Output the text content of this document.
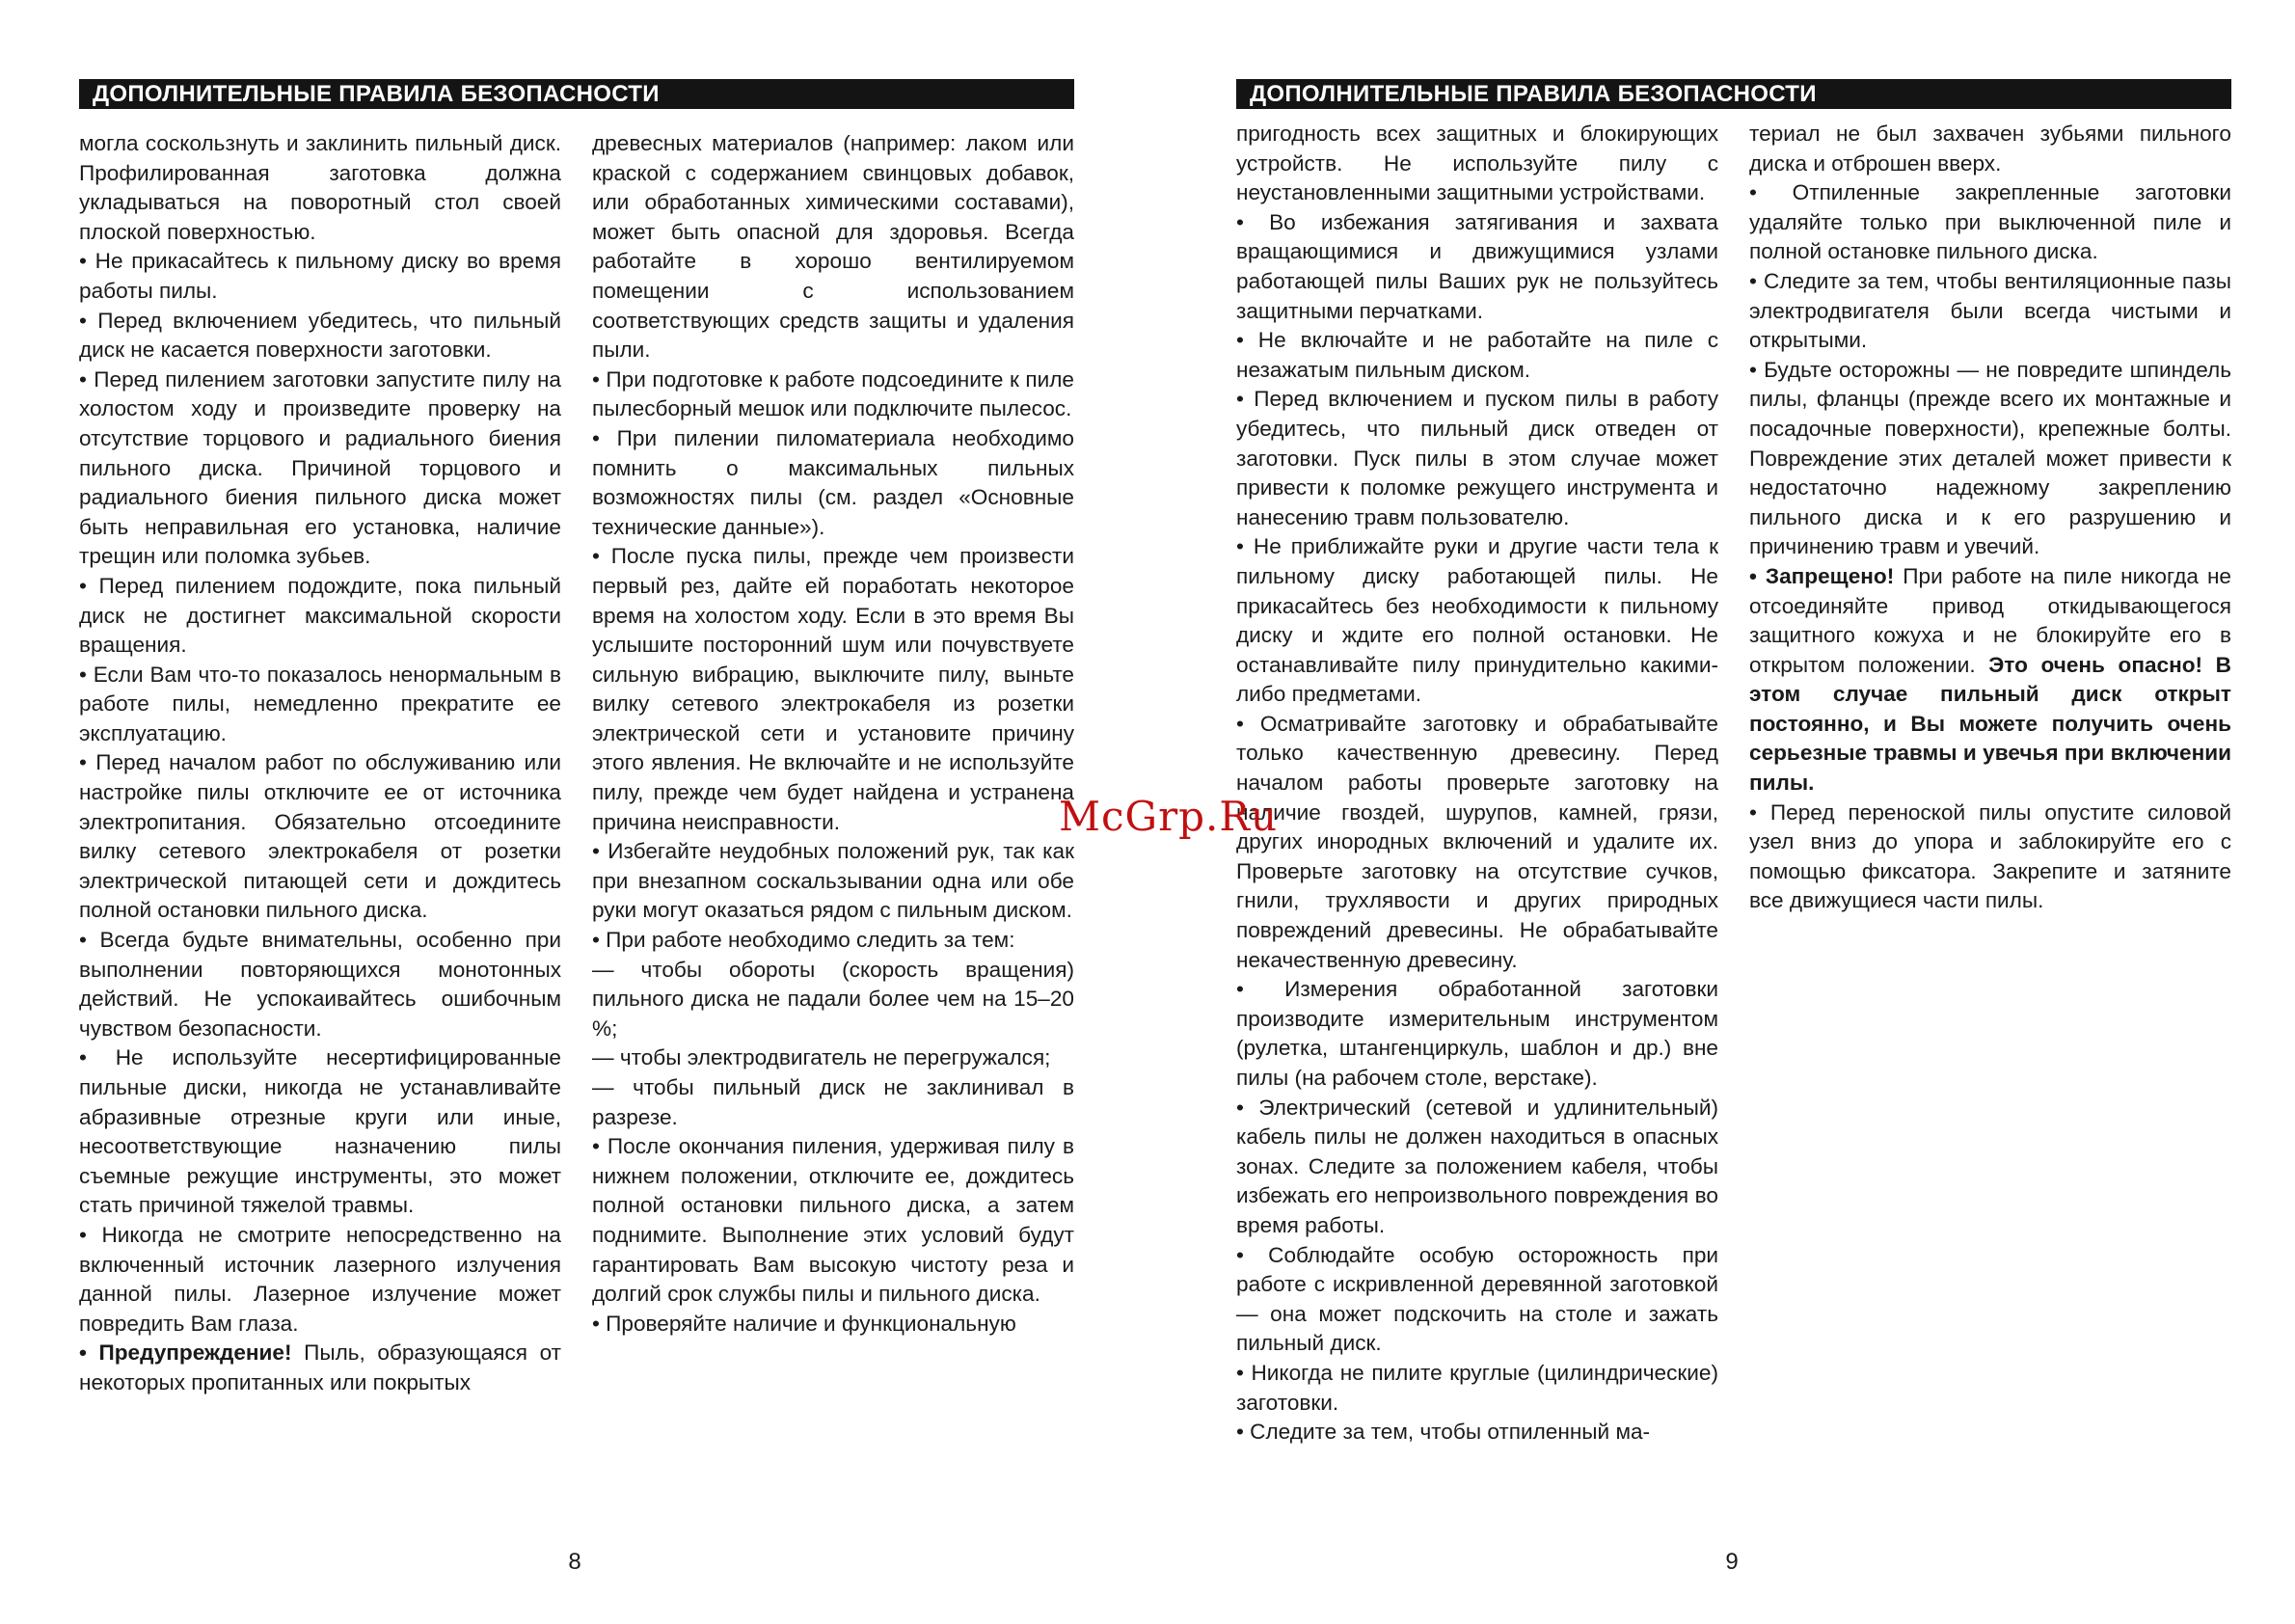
ДОПОЛНИТЕЛЬНЫЕ ПРАВИЛА БЕЗОПАСНОСТИ

могла соскользнуть и заклинить пильный диск. Профилированная заготовка должна укладываться на поворотный стол своей плоской поверхностью.

• Не прикасайтесь к пильному диску во время работы пилы.

• Перед включением убедитесь, что пильный диск не касается поверхности заготовки.

• Перед пилением заготовки запустите пилу на холостом ходу и произведите проверку на отсутствие торцового и радиального биения пильного диска. Причиной торцового и радиального биения пильного диска может быть неправильная его установка, наличие трещин или поломка зубьев.

• Перед пилением подождите, пока пильный диск не достигнет максимальной скорости вращения.

• Если Вам что-то показалось ненормальным в работе пилы, немедленно прекратите ее эксплуатацию.

• Перед началом работ по обслуживанию или настройке пилы отключите ее от источника электропитания. Обязательно отсоедините вилку сетевого электрокабеля от розетки электрической питающей сети и дождитесь полной остановки пильного диска.

• Всегда будьте внимательны, особенно при выполнении повторяющихся монотонных действий. Не успокаивайтесь ошибочным чувством безопасности.

• Не используйте несертифицированные пильные диски, никогда не устанавливайте абразивные отрезные круги или иные, несоответствующие назначению пилы съемные режущие инструменты, это может стать причиной тяжелой травмы.

• Никогда не смотрите непосредственно на включенный источник лазерного излучения данной пилы. Лазерное излучение может повредить Вам глаза.

• Предупреждение! Пыль, образующаяся от некоторых пропитанных или покрытых

древесных материалов (например: лаком или краской с содержанием свинцовых добавок, или обработанных химическими составами), может быть опасной для здоровья. Всегда работайте в хорошо вентилируемом помещении с использованием соответствующих средств защиты и удаления пыли.

• При подготовке к работе подсоедините к пиле пылесборный мешок или подключите пылесос.

• При пилении пиломатериала необходимо помнить о максимальных пильных возможностях пилы (см. раздел «Основные технические данные»).

• После пуска пилы, прежде чем произвести первый рез, дайте ей поработать некоторое время на холостом ходу. Если в это время Вы услышите посторонний шум или почувствуете сильную вибрацию, выключите пилу, выньте вилку сетевого электрокабеля из розетки электрической сети и установите причину этого явления. Не включайте и не используйте пилу, прежде чем будет найдена и устранена причина неисправности.

• Избегайте неудобных положений рук, так как при внезапном соскальзывании одна или обе руки могут оказаться рядом с пильным диском.

• При работе необходимо следить за тем:

— чтобы обороты (скорость вращения) пильного диска не падали более чем на 15–20 %;

— чтобы электродвигатель не перегружался;

— чтобы пильный диск не заклинивал в разрезе.

• После окончания пиления, удерживая пилу в нижнем положении, отключите ее, дождитесь полной остановки пильного диска, а затем поднимите. Выполнение этих условий будут гарантировать Вам высокую чистоту реза и долгий срок службы пилы и пильного диска.

• Проверяйте наличие и функциональную

8
ДОПОЛНИТЕЛЬНЫЕ ПРАВИЛА БЕЗОПАСНОСТИ

пригодность всех защитных и блокирующих устройств. Не используйте пилу с неустановленными защитными устройствами.

• Во избежания затягивания и захвата вращающимися и движущимися узлами работающей пилы Ваших рук не пользуйтесь защитными перчатками.

• Не включайте и не работайте на пиле с незажатым пильным диском.

• Перед включением и пуском пилы в работу убедитесь, что пильный диск отведен от заготовки. Пуск пилы в этом случае может привести к поломке режущего инструмента и нанесению травм пользователю.

• Не приближайте руки и другие части тела к пильному диску работающей пилы. Не прикасайтесь без необходимости к пильному диску и ждите его полной остановки. Не останавливайте пилу принудительно какими-либо предметами.

• Осматривайте заготовку и обрабатывайте только качественную древесину. Перед началом работы проверьте заготовку на наличие гвоздей, шурупов, камней, грязи, других инородных включений и удалите их. Проверьте заготовку на отсутствие сучков, гнили, трухлявости и других природных повреждений древесины. Не обрабатывайте некачественную древесину.

• Измерения обработанной заготовки производите измерительным инструментом (рулетка, штангенциркуль, шаблон и др.) вне пилы (на рабочем столе, верстаке).

• Электрический (сетевой и удлинительный) кабель пилы не должен находиться в опасных зонах. Следите за положением кабеля, чтобы избежать его непроизвольного повреждения во время работы.

• Соблюдайте особую осторожность при работе с искривленной деревянной заготовкой — она может подскочить на столе и зажать пильный диск.

• Никогда не пилите круглые (цилиндрические) заготовки.

• Следите за тем, чтобы отпиленный ма-

териал не был захвачен зубьями пильного диска и отброшен вверх.

• Отпиленные закрепленные заготовки удаляйте только при выключенной пиле и полной остановке пильного диска.

• Следите за тем, чтобы вентиляционные пазы электродвигателя были всегда чистыми и открытыми.

• Будьте осторожны — не повредите шпиндель пилы, фланцы (прежде всего их монтажные и посадочные поверхности), крепежные болты. Повреждение этих деталей может привести к недостаточно надежному закреплению пильного диска и к его разрушению и причинению травм и увечий.

• Запрещено! При работе на пиле никогда не отсоединяйте привод откидывающегося защитного кожуха и не блокируйте его в открытом положении. Это очень опасно! В этом случае пильный диск открыт постоянно, и Вы можете получить очень серьезные травмы и увечья при включении пилы.

• Перед переноской пилы опустите силовой узел вниз до упора и заблокируйте его с помощью фиксатора. Закрепите и затяните все движущиеся части пилы.

9
McGrp.Ru
